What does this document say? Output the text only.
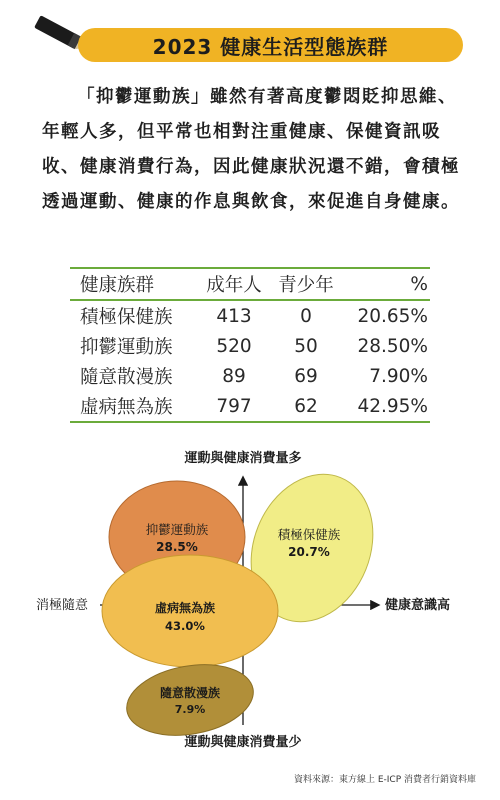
2023 健康生活型態族群

「抑鬱運動族」雖然有著高度鬱悶貶抑思維、年輕人多，但平常也相對注重健康、保健資訊吸收、健康消費行為，因此健康狀況還不錯，會積極透過運動、健康的作息與飲食，來促進自身健康。

健康族群	成年人	青少年	%
積極保健族	413	0	20.65%
抑鬱運動族	520	50	28.50%
隨意散漫族	89	69	7.90%
虛病無為族	797	62	42.95%
運動與健康消費量多
運動與健康消費量少
消極隨意	健康意識高
抑鬱運動族
28.5%
積極保健族
20.7%
虛病無為族
43.0%
隨意散漫族
7.9%
資料來源：東方線上 E-ICP 消費者行銷資料庫
